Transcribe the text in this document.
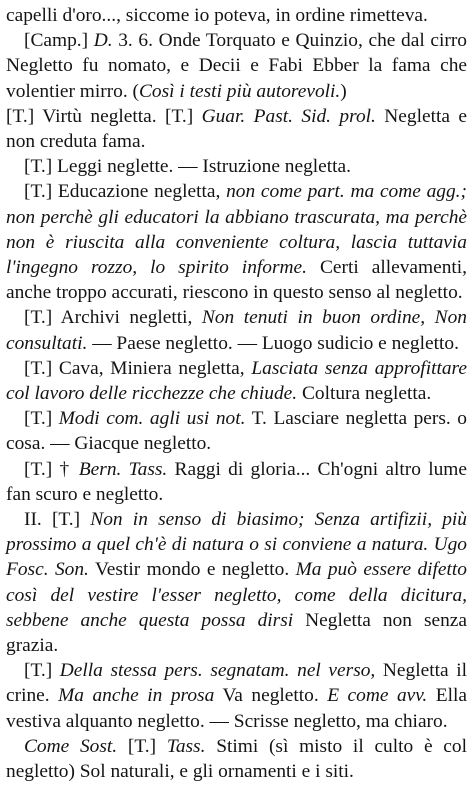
capelli d'oro..., siccome io poteva, in ordine rimetteva.

[Camp.] D. 3. 6. Onde Torquato e Quinzio, che dal cirro Negletto fu nomato, e Decii e Fabi Ebber la fama che volentier mirro. (Così i testi più autorevoli.)

[T.] Virtù negletta. [T.] Guar. Past. Sid. prol. Negletta e non creduta fama.

[T.] Leggi neglette. — Istruzione negletta.

[T.] Educazione negletta, non come part. ma come agg.; non perchè gli educatori la abbiano trascurata, ma perchè non è riuscita alla conveniente coltura, lascia tuttavia l'ingegno rozzo, lo spirito informe. Certi allevamenti, anche troppo accurati, riescono in questo senso al negletto.

[T.] Archivi negletti, Non tenuti in buon ordine, Non consultati. — Paese negletto. — Luogo sudicio e negletto.

[T.] Cava, Miniera negletta, Lasciata senza approfittare col lavoro delle ricchezze che chiude. Coltura negletta.

[T.] Modi com. agli usi not. T. Lasciare negletta pers. o cosa. — Giacque negletto.

[T.] † Bern. Tass. Raggi di gloria... Ch'ogni altro lume fan scuro e negletto.

II. [T.] Non in senso di biasimo; Senza artifizii, più prossimo a quel ch'è di natura o si conviene a natura. Ugo Fosc. Son. Vestir mondo e negletto. Ma può essere difetto così del vestire l'esser negletto, come della dicitura, sebbene anche questa possa dirsi Negletta non senza grazia.

[T.] Della stessa pers. segnatam. nel verso, Negletta il crine. Ma anche in prosa Va negletto. E come avv. Ella vestiva alquanto negletto. — Scrisse negletto, ma chiaro.

Come Sost. [T.] Tass. Stimi (sì misto il culto è col negletto) Sol naturali, e gli ornamenti e i siti.
